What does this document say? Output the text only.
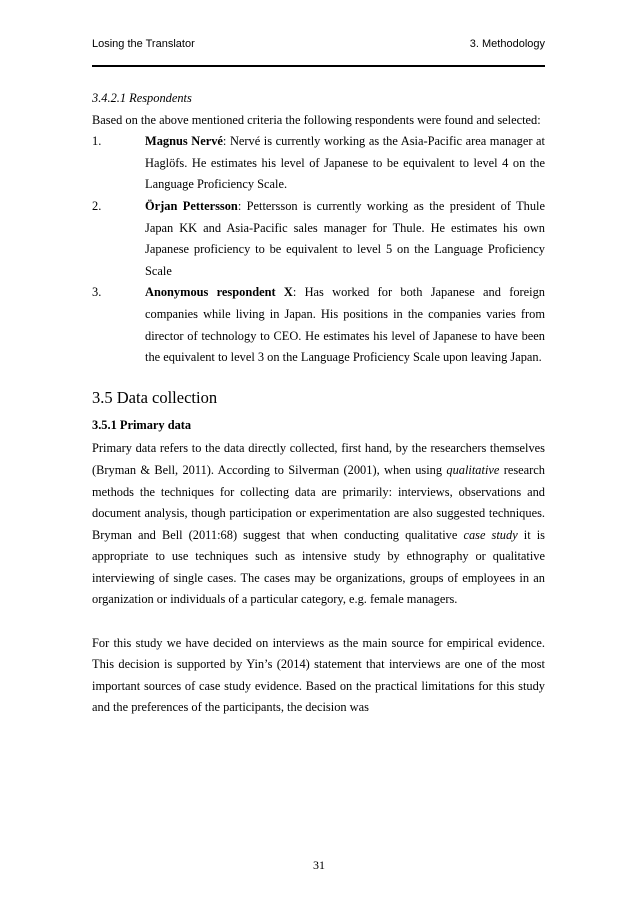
Losing the Translator	3. Methodology

3.4.2.1 Respondents

Based on the above mentioned criteria the following respondents were found and selected:

1.	Magnus Nervé: Nervé is currently working as the Asia-Pacific area manager at Haglöfs. He estimates his level of Japanese to be equivalent to level 4 on the Language Proficiency Scale.
2.	Örjan Pettersson: Pettersson is currently working as the president of Thule Japan KK and Asia-Pacific sales manager for Thule. He estimates his own Japanese proficiency to be equivalent to level 5 on the Language Proficiency Scale
3.	Anonymous respondent X: Has worked for both Japanese and foreign companies while living in Japan. His positions in the companies varies from director of technology to CEO. He estimates his level of Japanese to have been the equivalent to level 3 on the Language Proficiency Scale upon leaving Japan.
3.5 Data collection
3.5.1 Primary data

Primary data refers to the data directly collected, first hand, by the researchers themselves (Bryman & Bell, 2011). According to Silverman (2001), when using qualitative research methods the techniques for collecting data are primarily: interviews, observations and document analysis, though participation or experimentation are also suggested techniques. Bryman and Bell (2011:68) suggest that when conducting qualitative case study it is appropriate to use techniques such as intensive study by ethnography or qualitative interviewing of single cases. The cases may be organizations, groups of employees in an organization or individuals of a particular category, e.g. female managers.

For this study we have decided on interviews as the main source for empirical evidence. This decision is supported by Yin’s (2014) statement that interviews are one of the most important sources of case study evidence. Based on the practical limitations for this study and the preferences of the participants, the decision was

31
